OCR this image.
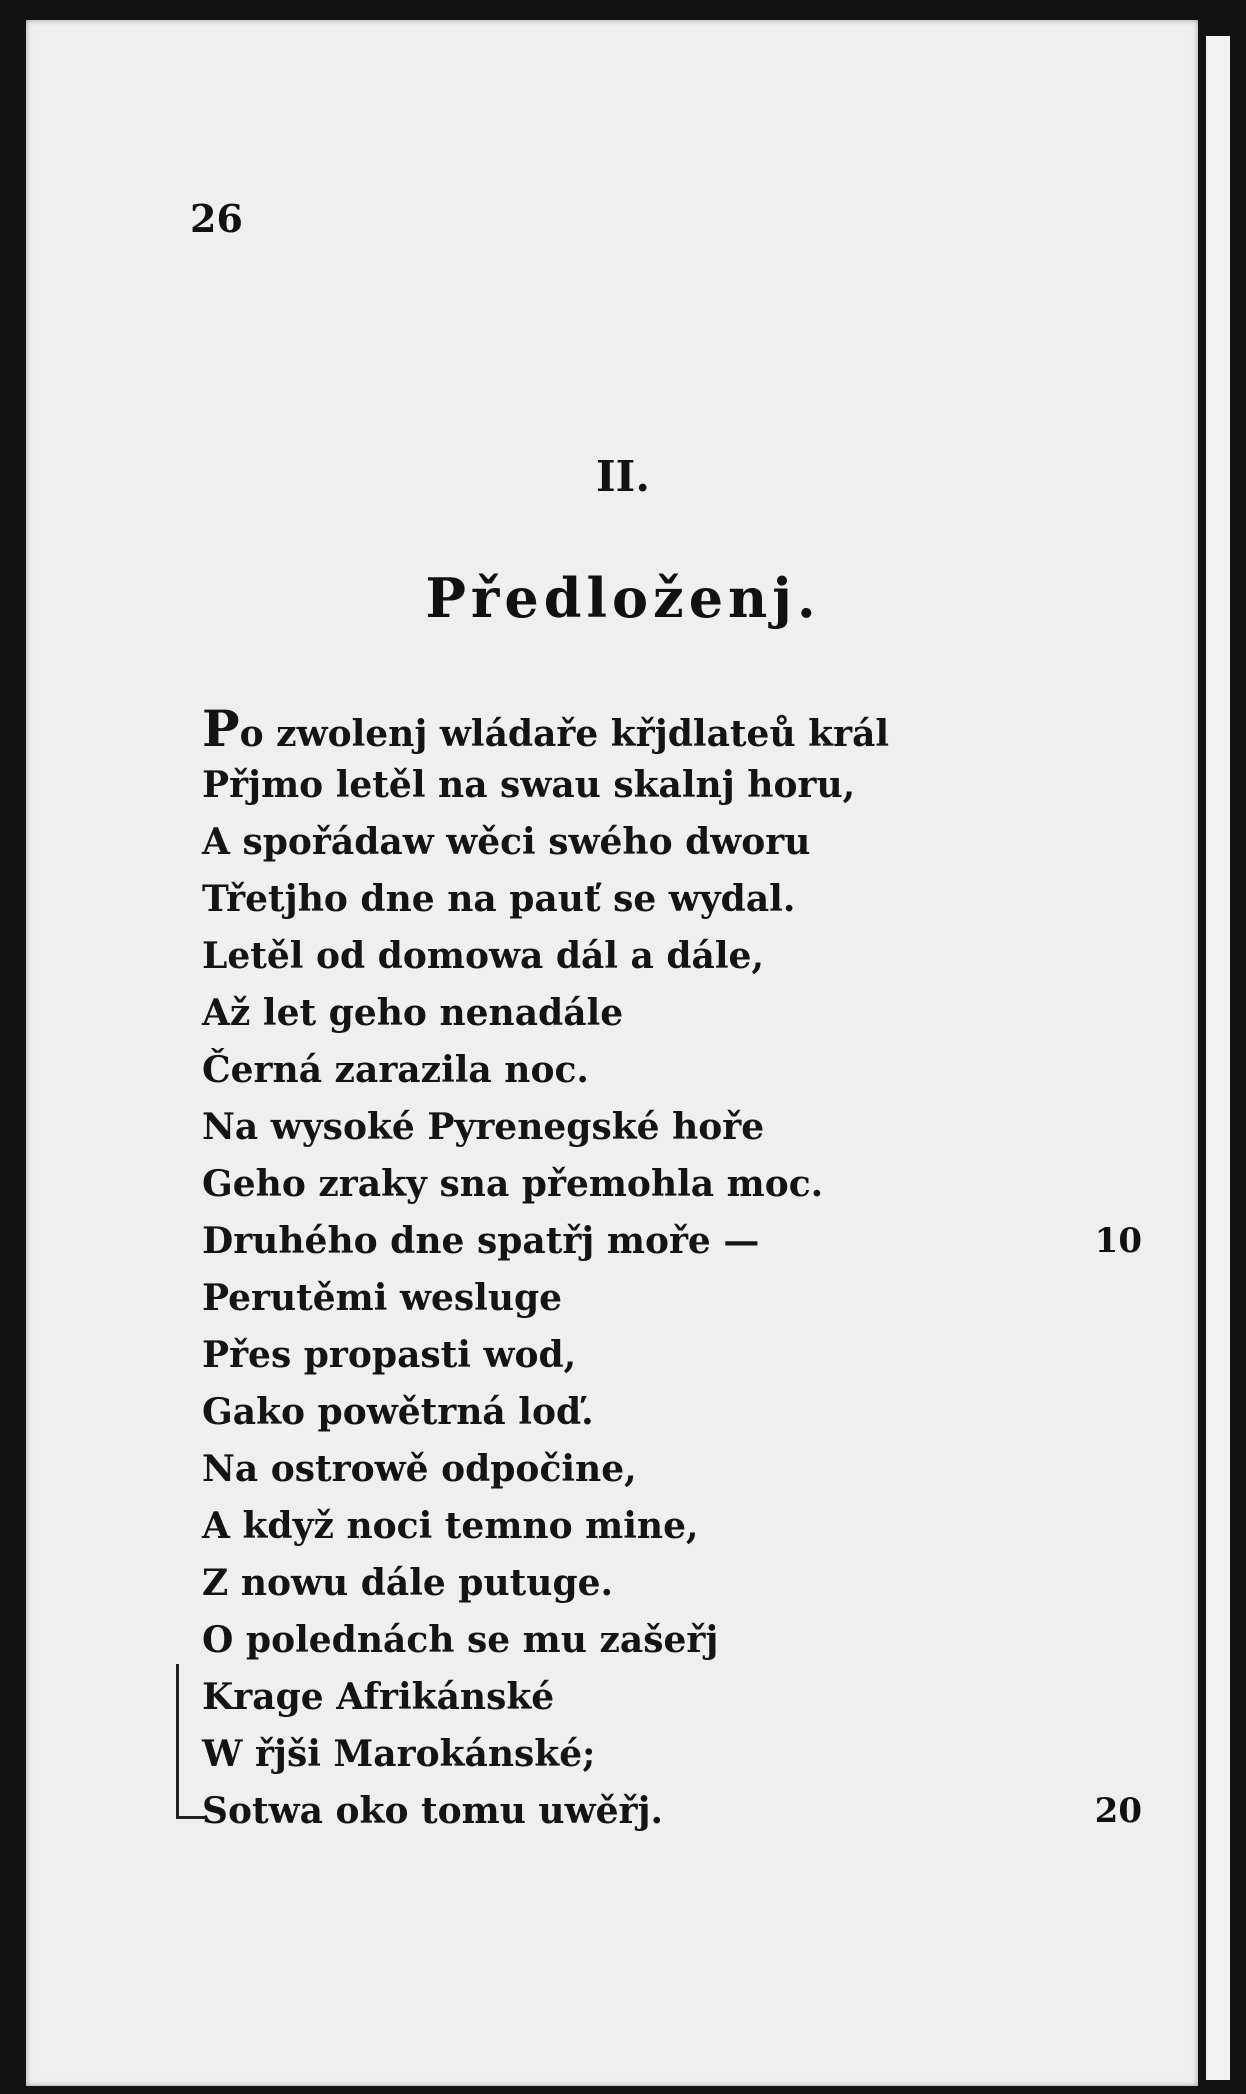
26
II.
Předloženj.
Po zwolenj wládaře křjdlateů král
Přjmo letěl na swau skalnj horu,
A spořádaw wěci swého dworu
Třetjho dne na pauť se wydal.
Letěl od domowa dál a dále,
Až let geho nenadále
Černá zarazila noc.
Na wysoké Pyrenegské hoře
Geho zraky sna přemohla moc.
Druhého dne spatřj moře —	10
Perutěmi wesluge
Přes propasti wod,
Gako powětrná loď.
Na ostrowě odpočine,
A když noci temno mine,
Z nowu dále putuge.
O polednách se mu zašeřj
Krage Afrikánské
W řjši Marokánské;
Sotwa oko tomu uwěřj.	20
